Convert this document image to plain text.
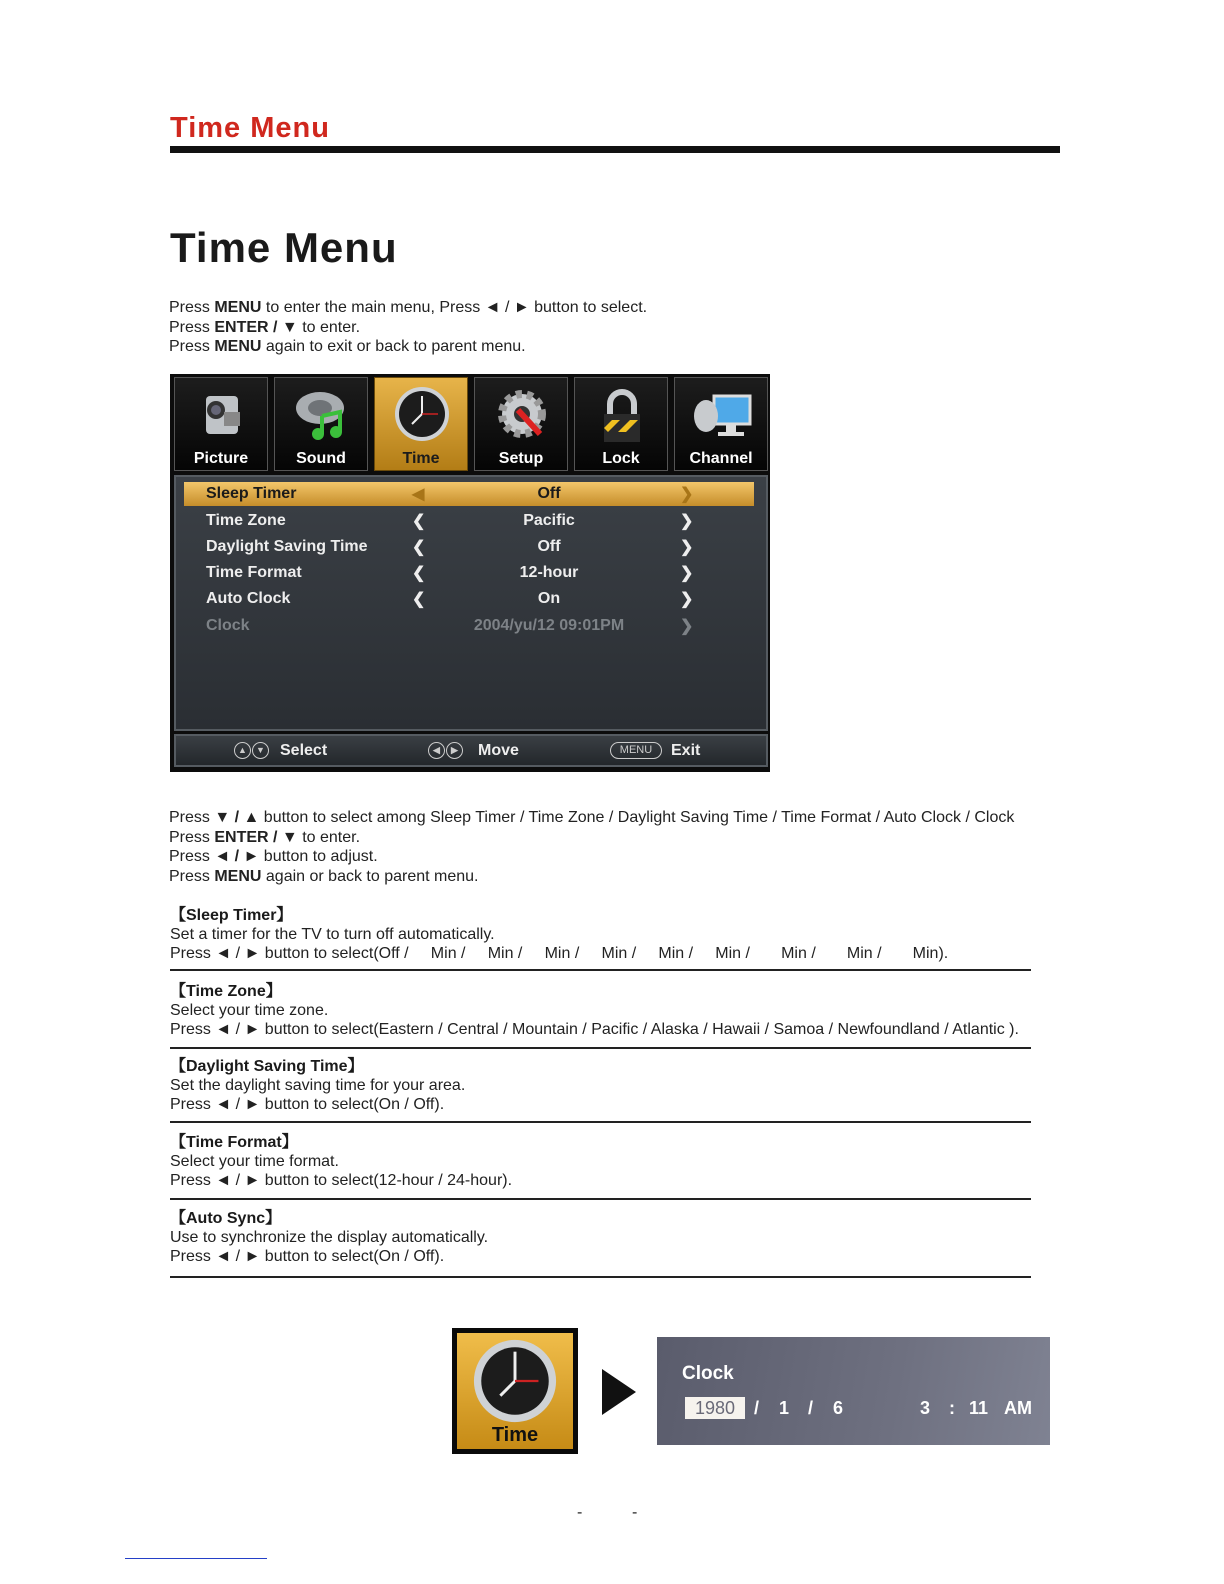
Time Menu
Time Menu
Press MENU to enter the main menu, Press ◄ / ► button to select.
Press ENTER / ▼ to enter.
Press MENU again to exit or back to parent menu.
Picture	Sound	Time	Setup	Lock	Channel
Sleep Timer	◀	Off	❯
Time Zone	❮	Pacific	❯
Daylight Saving Time	❮	Off	❯
Time Format	❮	12-hour	❯
Auto Clock	❮	On	❯
Clock	2004/yu/12 09:01PM	❯
▲	▼ Select	◀	▶	Move	MENU	Exit
Press ▼ / ▲ button to select among Sleep Timer / Time Zone / Daylight Saving Time / Time Format / Auto Clock / Clock
Press ENTER / ▼ to enter.
Press ◄ / ► button to adjust.
Press MENU again or back to parent menu.
【Sleep Timer】
Set a timer for the TV to turn off automatically.
Press ◄ / ► button to select(Off /     Min /     Min /     Min /     Min /     Min /     Min /       Min /       Min /       Min).
【Time Zone】
Select your time zone.
Press ◄ / ► button to select(Eastern / Central / Mountain / Pacific / Alaska / Hawaii / Samoa / Newfoundland / Atlantic ).
【Daylight Saving Time】
Set the daylight saving time for your area.
Press ◄ / ► button to select(On / Off).
【Time Format】
Select your time format.
Press ◄ / ► button to select(12-hour / 24-hour).
【Auto Sync】
Use to synchronize the display automatically.
Press ◄ / ► button to select(On / Off).
Time
Clock
1980	/ 1 / 6	3 : 11 AM
-	-
